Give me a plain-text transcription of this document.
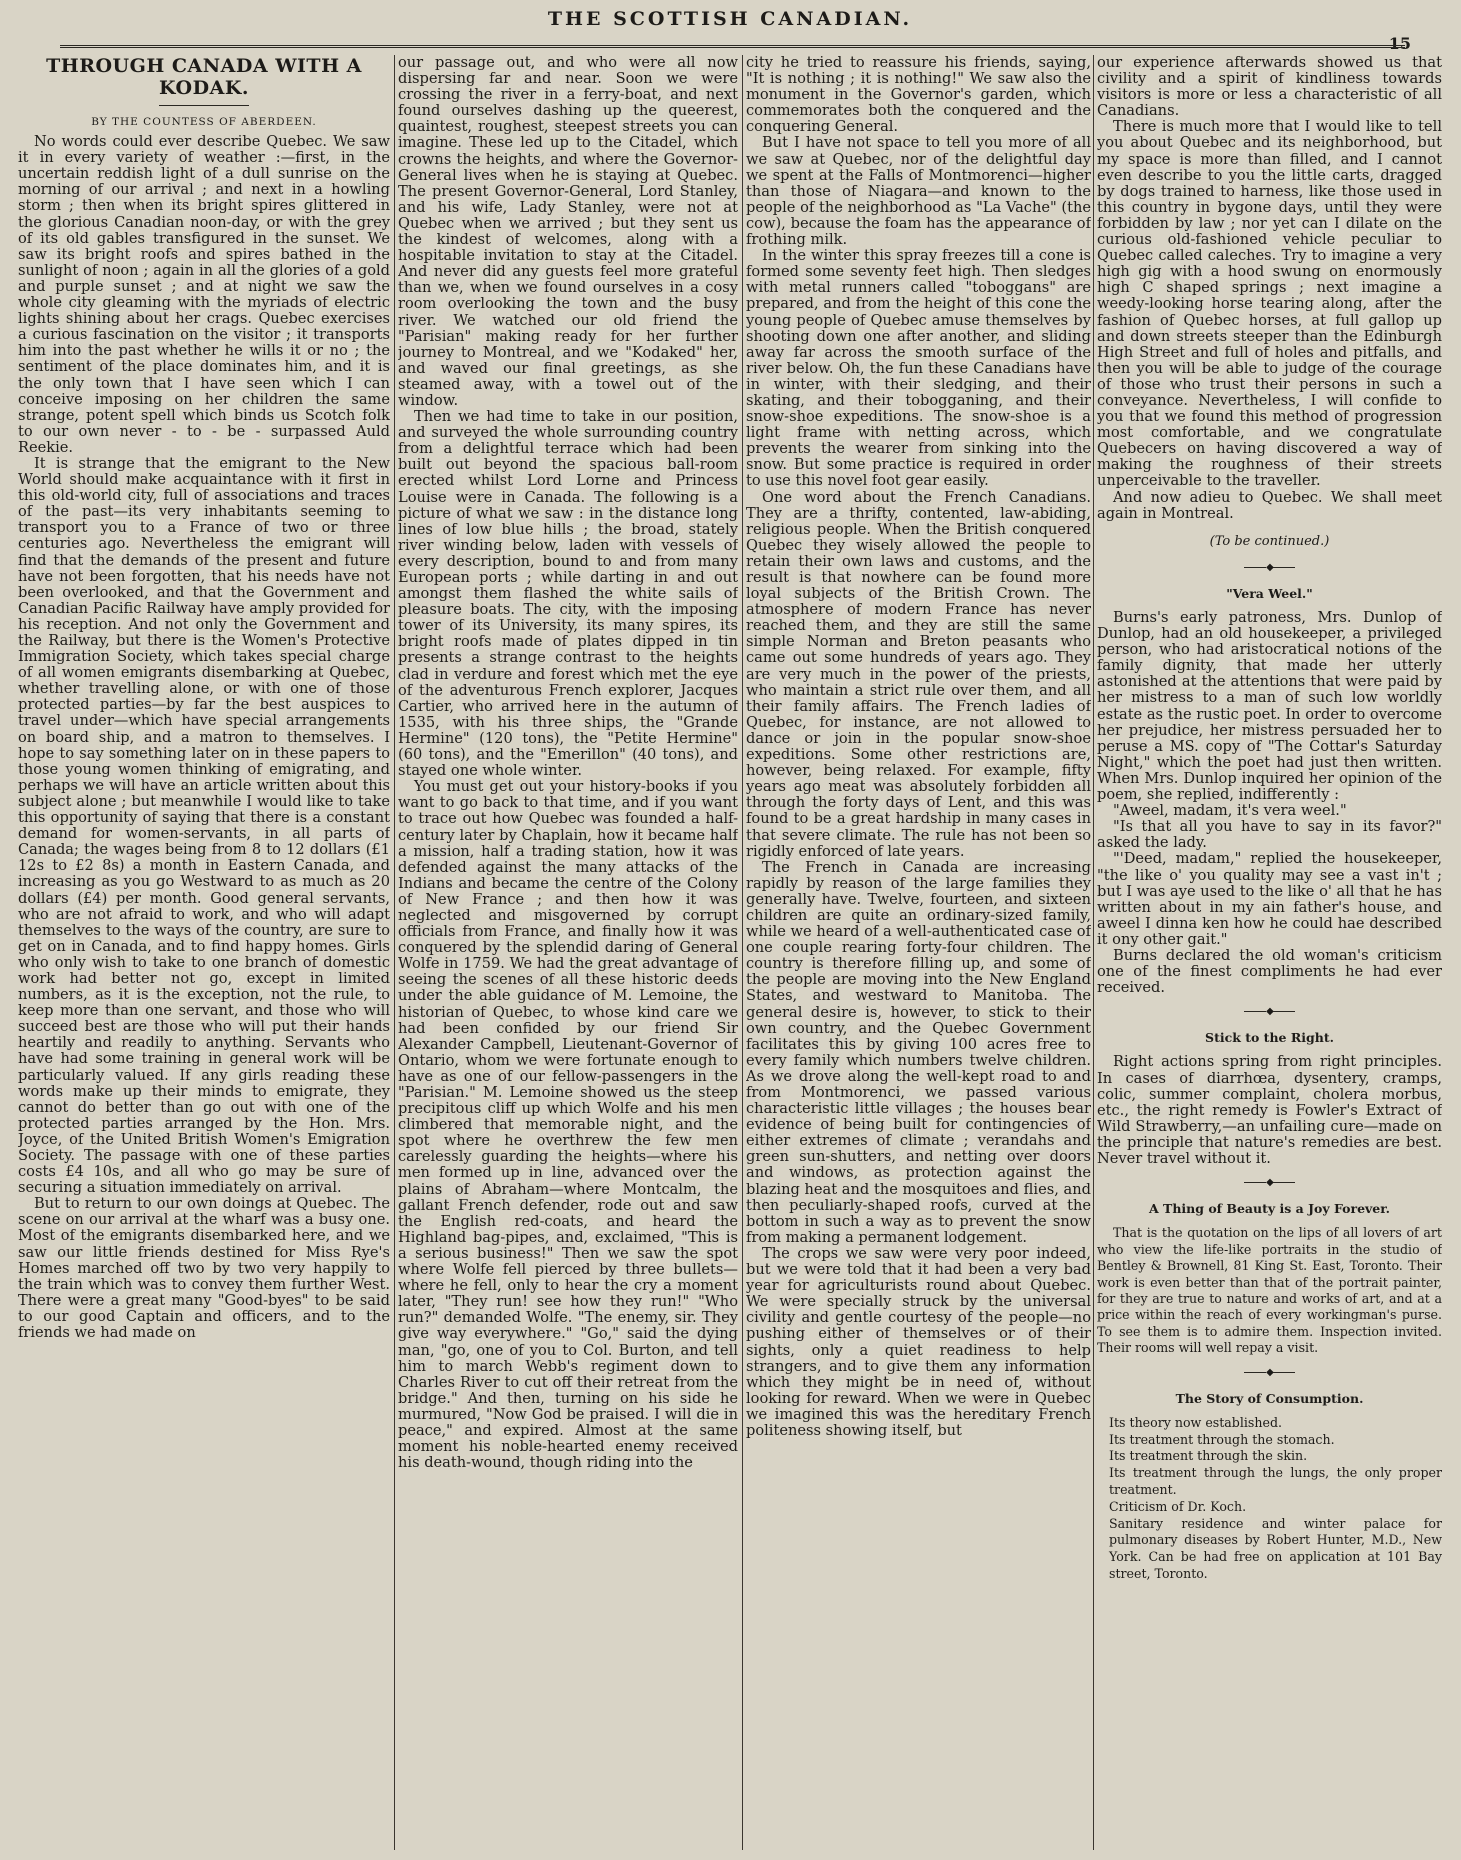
THE SCOTTISH CANADIAN.
15
THROUGH CANADA WITH A KODAK.
BY THE COUNTESS OF ABERDEEN.

No words could ever describe Quebec. We saw it in every variety of weather :—first, in the uncertain reddish light of a dull sunrise on the morning of our arrival ; and next in a howling storm ; then when its bright spires glittered in the glorious Canadian noon-day, or with the grey of its old gables transfigured in the sunset. We saw its bright roofs and spires bathed in the sunlight of noon ; again in all the glories of a gold and purple sunset ; and at night we saw the whole city gleaming with the myriads of electric lights shining about her crags. Quebec exercises a curious fascination on the visitor ; it transports him into the past whether he wills it or no ; the sentiment of the place dominates him, and it is the only town that I have seen which I can conceive imposing on her children the same strange, potent spell which binds us Scotch folk to our own never - to - be - surpassed Auld Reekie.

It is strange that the emigrant to the New World should make acquaintance with it first in this old-world city, full of associations and traces of the past—its very inhabitants seeming to transport you to a France of two or three centuries ago. Nevertheless the emigrant will find that the demands of the present and future have not been forgotten, that his needs have not been overlooked, and that the Government and Canadian Pacific Railway have amply provided for his reception. And not only the Government and the Railway, but there is the Women's Protective Immigration Society, which takes special charge of all women emigrants disembarking at Quebec, whether travelling alone, or with one of those protected parties—by far the best auspices to travel under—which have special arrangements on board ship, and a matron to themselves. I hope to say something later on in these papers to those young women thinking of emigrating, and perhaps we will have an article written about this subject alone ; but meanwhile I would like to take this opportunity of saying that there is a constant demand for women-servants, in all parts of Canada; the wages being from 8 to 12 dollars (£1 12s to £2 8s) a month in Eastern Canada, and increasing as you go Westward to as much as 20 dollars (£4) per month. Good general servants, who are not afraid to work, and who will adapt themselves to the ways of the country, are sure to get on in Canada, and to find happy homes. Girls who only wish to take to one branch of domestic work had better not go, except in limited numbers, as it is the exception, not the rule, to keep more than one servant, and those who will succeed best are those who will put their hands heartily and readily to anything. Servants who have had some training in general work will be particularly valued. If any girls reading these words make up their minds to emigrate, they cannot do better than go out with one of the protected parties arranged by the Hon. Mrs. Joyce, of the United British Women's Emigration Society. The passage with one of these parties costs £4 10s, and all who go may be sure of securing a situation immediately on arrival.

But to return to our own doings at Quebec. The scene on our arrival at the wharf was a busy one. Most of the emigrants disembarked here, and we saw our little friends destined for Miss Rye's Homes marched off two by two very happily to the train which was to convey them further West. There were a great many "Good-byes" to be said to our good Captain and officers, and to the friends we had made on

our passage out, and who were all now dispersing far and near. Soon we were crossing the river in a ferry-boat, and next found ourselves dashing up the queerest, quaintest, roughest, steepest streets you can imagine. These led up to the Citadel, which crowns the heights, and where the Governor-General lives when he is staying at Quebec. The present Governor-General, Lord Stanley, and his wife, Lady Stanley, were not at Quebec when we arrived ; but they sent us the kindest of welcomes, along with a hospitable invitation to stay at the Citadel. And never did any guests feel more grateful than we, when we found ourselves in a cosy room overlooking the town and the busy river. We watched our old friend the "Parisian" making ready for her further journey to Montreal, and we "Kodaked" her, and waved our final greetings, as she steamed away, with a towel out of the window.

Then we had time to take in our position, and surveyed the whole surrounding country from a delightful terrace which had been built out beyond the spacious ball-room erected whilst Lord Lorne and Princess Louise were in Canada. The following is a picture of what we saw : in the distance long lines of low blue hills ; the broad, stately river winding below, laden with vessels of every description, bound to and from many European ports ; while darting in and out amongst them flashed the white sails of pleasure boats. The city, with the imposing tower of its University, its many spires, its bright roofs made of plates dipped in tin presents a strange contrast to the heights clad in verdure and forest which met the eye of the adventurous French explorer, Jacques Cartier, who arrived here in the autumn of 1535, with his three ships, the "Grande Hermine" (120 tons), the "Petite Hermine" (60 tons), and the "Emerillon" (40 tons), and stayed one whole winter.

You must get out your history-books if you want to go back to that time, and if you want to trace out how Quebec was founded a half-century later by Chaplain, how it became half a mission, half a trading station, how it was defended against the many attacks of the Indians and became the centre of the Colony of New France ; and then how it was neglected and misgoverned by corrupt officials from France, and finally how it was conquered by the splendid daring of General Wolfe in 1759. We had the great advantage of seeing the scenes of all these historic deeds under the able guidance of M. Lemoine, the historian of Quebec, to whose kind care we had been confided by our friend Sir Alexander Campbell, Lieutenant-Governor of Ontario, whom we were fortunate enough to have as one of our fellow-passengers in the "Parisian." M. Lemoine showed us the steep precipitous cliff up which Wolfe and his men climbered that memorable night, and the spot where he overthrew the few men carelessly guarding the heights—where his men formed up in line, advanced over the plains of Abraham—where Montcalm, the gallant French defender, rode out and saw the English red-coats, and heard the Highland bag-pipes, and, exclaimed, "This is a serious business!" Then we saw the spot where Wolfe fell pierced by three bullets—where he fell, only to hear the cry a moment later, "They run! see how they run!" "Who run?" demanded Wolfe. "The enemy, sir. They give way everywhere." "Go," said the dying man, "go, one of you to Col. Burton, and tell him to march Webb's regiment down to Charles River to cut off their retreat from the bridge." And then, turning on his side he murmured, "Now God be praised. I will die in peace," and expired. Almost at the same moment his noble-hearted enemy received his death-wound, though riding into the

city he tried to reassure his friends, saying, "It is nothing ; it is nothing!" We saw also the monument in the Governor's garden, which commemorates both the conquered and the conquering General.

But I have not space to tell you more of all we saw at Quebec, nor of the delightful day we spent at the Falls of Montmorenci—higher than those of Niagara—and known to the people of the neighborhood as "La Vache" (the cow), because the foam has the appearance of frothing milk.

In the winter this spray freezes till a cone is formed some seventy feet high. Then sledges with metal runners called "toboggans" are prepared, and from the height of this cone the young people of Quebec amuse themselves by shooting down one after another, and sliding away far across the smooth surface of the river below. Oh, the fun these Canadians have in winter, with their sledging, and their skating, and their tobogganing, and their snow-shoe expeditions. The snow-shoe is a light frame with netting across, which prevents the wearer from sinking into the snow. But some practice is required in order to use this novel foot gear easily.

One word about the French Canadians. They are a thrifty, contented, law-abiding, religious people. When the British conquered Quebec they wisely allowed the people to retain their own laws and customs, and the result is that nowhere can be found more loyal subjects of the British Crown. The atmosphere of modern France has never reached them, and they are still the same simple Norman and Breton peasants who came out some hundreds of years ago. They are very much in the power of the priests, who maintain a strict rule over them, and all their family affairs. The French ladies of Quebec, for instance, are not allowed to dance or join in the popular snow-shoe expeditions. Some other restrictions are, however, being relaxed. For example, fifty years ago meat was absolutely forbidden all through the forty days of Lent, and this was found to be a great hardship in many cases in that severe climate. The rule has not been so rigidly enforced of late years.

The French in Canada are increasing rapidly by reason of the large families they generally have. Twelve, fourteen, and sixteen children are quite an ordinary-sized family, while we heard of a well-authenticated case of one couple rearing forty-four children. The country is therefore filling up, and some of the people are moving into the New England States, and westward to Manitoba. The general desire is, however, to stick to their own country, and the Quebec Government facilitates this by giving 100 acres free to every family which numbers twelve children. As we drove along the well-kept road to and from Montmorenci, we passed various characteristic little villages ; the houses bear evidence of being built for contingencies of either extremes of climate ; verandahs and green sun-shutters, and netting over doors and windows, as protection against the blazing heat and the mosquitoes and flies, and then peculiarly-shaped roofs, curved at the bottom in such a way as to prevent the snow from making a permanent lodgement.

The crops we saw were very poor indeed, but we were told that it had been a very bad year for agriculturists round about Quebec. We were specially struck by the universal civility and gentle courtesy of the people—no pushing either of themselves or of their sights, only a quiet readiness to help strangers, and to give them any information which they might be in need of, without looking for reward. When we were in Quebec we imagined this was the hereditary French politeness showing itself, but

our experience afterwards showed us that civility and a spirit of kindliness towards visitors is more or less a characteristic of all Canadians.

There is much more that I would like to tell you about Quebec and its neighborhood, but my space is more than filled, and I cannot even describe to you the little carts, dragged by dogs trained to harness, like those used in this country in bygone days, until they were forbidden by law ; nor yet can I dilate on the curious old-fashioned vehicle peculiar to Quebec called caleches. Try to imagine a very high gig with a hood swung on enormously high C shaped springs ; next imagine a weedy-looking horse tearing along, after the fashion of Quebec horses, at full gallop up and down streets steeper than the Edinburgh High Street and full of holes and pitfalls, and then you will be able to judge of the courage of those who trust their persons in such a conveyance. Nevertheless, I will confide to you that we found this method of progression most comfortable, and we congratulate Quebecers on having discovered a way of making the roughness of their streets unperceivable to the traveller.

And now adieu to Quebec. We shall meet again in Montreal.

(To be continued.)
◆
"Vera Weel."

Burns's early patroness, Mrs. Dunlop of Dunlop, had an old housekeeper, a privileged person, who had aristocratical notions of the family dignity, that made her utterly astonished at the attentions that were paid by her mistress to a man of such low worldly estate as the rustic poet. In order to overcome her prejudice, her mistress persuaded her to peruse a MS. copy of "The Cottar's Saturday Night," which the poet had just then written. When Mrs. Dunlop inquired her opinion of the poem, she replied, indifferently :

"Aweel, madam, it's vera weel."

"Is that all you have to say in its favor?" asked the lady.

"'Deed, madam," replied the housekeeper, "the like o' you quality may see a vast in't ; but I was aye used to the like o' all that he has written about in my ain father's house, and aweel I dinna ken how he could hae described it ony other gait."

Burns declared the old woman's criticism one of the finest compliments he had ever received.

◆
Stick to the Right.

Right actions spring from right principles. In cases of diarrhœa, dysentery, cramps, colic, summer complaint, cholera morbus, etc., the right remedy is Fowler's Extract of Wild Strawberry,—an unfailing cure—made on the principle that nature's remedies are best. Never travel without it.

◆
A Thing of Beauty is a Joy Forever.

That is the quotation on the lips of all lovers of art who view the life-like portraits in the studio of Bentley & Brownell, 81 King St. East, Toronto. Their work is even better than that of the portrait painter, for they are true to nature and works of art, and at a price within the reach of every workingman's purse. To see them is to admire them. Inspection invited. Their rooms will well repay a visit.

◆
The Story of Consumption.
Its theory now established.
Its treatment through the stomach.
Its treatment through the skin.
Its treatment through the lungs, the only proper treatment.
Criticism of Dr. Koch.
Sanitary residence and winter palace for pulmonary diseases by Robert Hunter, M.D., New York. Can be had free on application at 101 Bay street, Toronto.
